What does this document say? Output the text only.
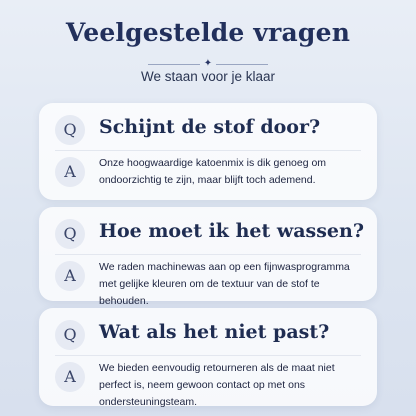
Veelgestelde vragen
✦

We staan voor je klaar

Q	Schijnt de stof door?
A	Onze hoogwaardige katoenmix is dik genoeg om ondoorzichtig te zijn, maar blijft toch ademend.

Q	Hoe moet ik het wassen?
A	We raden machinewas aan op een fijnwasprogramma met gelijke kleuren om de textuur van de stof te behouden.

Q	Wat als het niet past?
A	We bieden eenvoudig retourneren als de maat niet perfect is, neem gewoon contact op met ons ondersteuningsteam.
